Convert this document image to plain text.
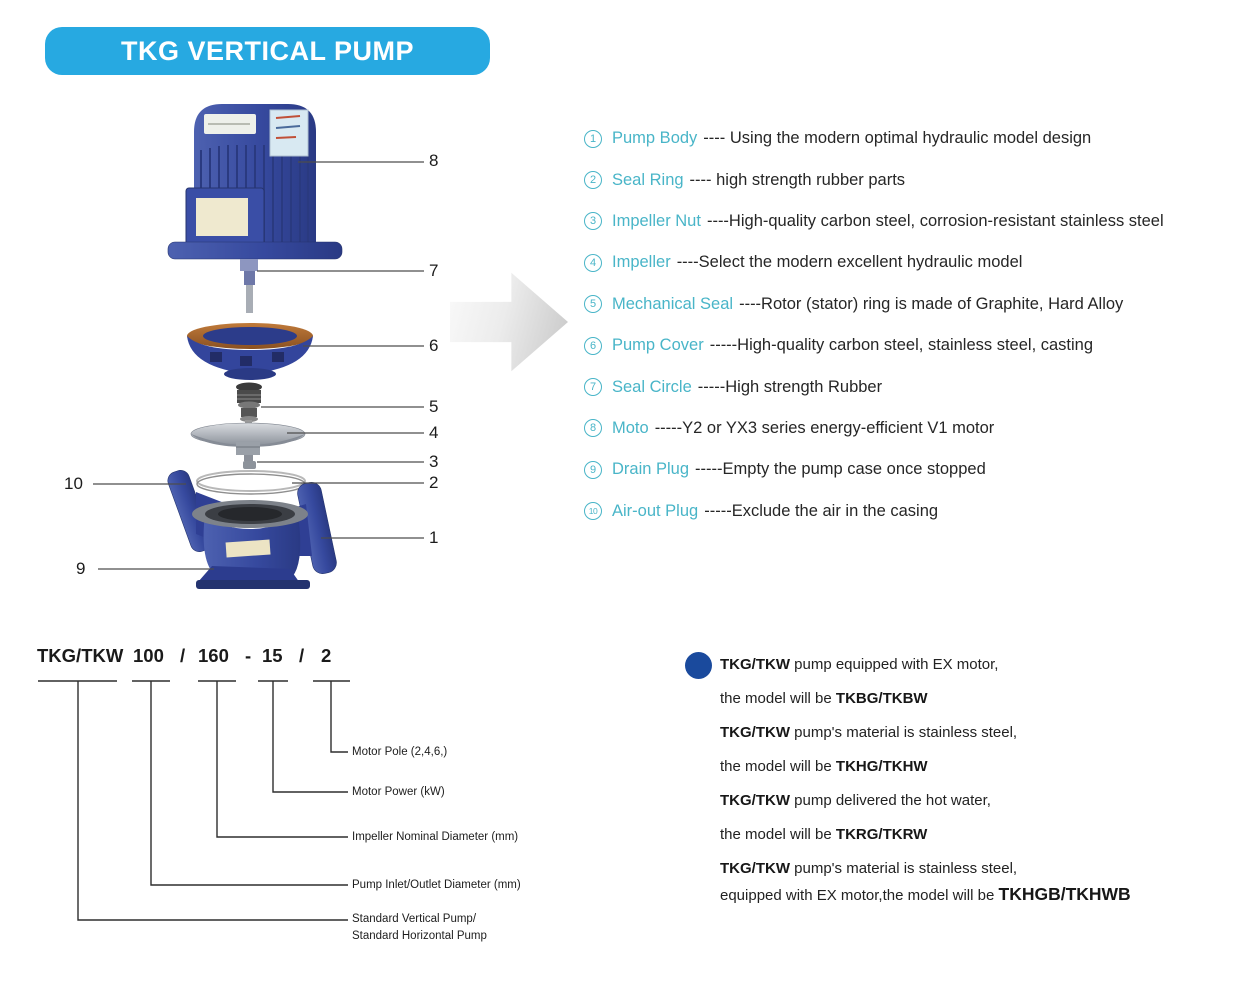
TKG VERTICAL PUMP
8
7
6
5
4
3
2
1
10
9
1 Pump Body ---- Using the modern optimal hydraulic model design
2 Seal Ring ---- high strength rubber parts
3 Impeller Nut ----High-quality carbon steel, corrosion-resistant stainless steel
4 Impeller ----Select the modern excellent hydraulic model
5 Mechanical Seal ----Rotor (stator) ring is made of Graphite, Hard Alloy
6 Pump Cover -----High-quality carbon steel, stainless steel, casting
7 Seal Circle -----High strength Rubber
8 Moto -----Y2 or YX3 series energy-efficient V1 motor
9 Drain Plug -----Empty the pump case once stopped
10 Air-out Plug -----Exclude the air in the casing
TKG/TKW 100 / 160 - 15 / 2
Motor Pole (2,4,6,)
Motor Power (kW)
Impeller Nominal Diameter (mm)
Pump Inlet/Outlet Diameter (mm)
Standard Vertical Pump/
Standard Horizontal Pump
TKG/TKW pump equipped with EX motor,
the model will be TKBG/TKBW
TKG/TKW pump's material is stainless steel,
the model will be TKHG/TKHW
TKG/TKW pump delivered the hot water,
the model will be TKRG/TKRW
TKG/TKW pump's material is stainless steel,
equipped with EX motor,the model will be TKHGB/TKHWB
